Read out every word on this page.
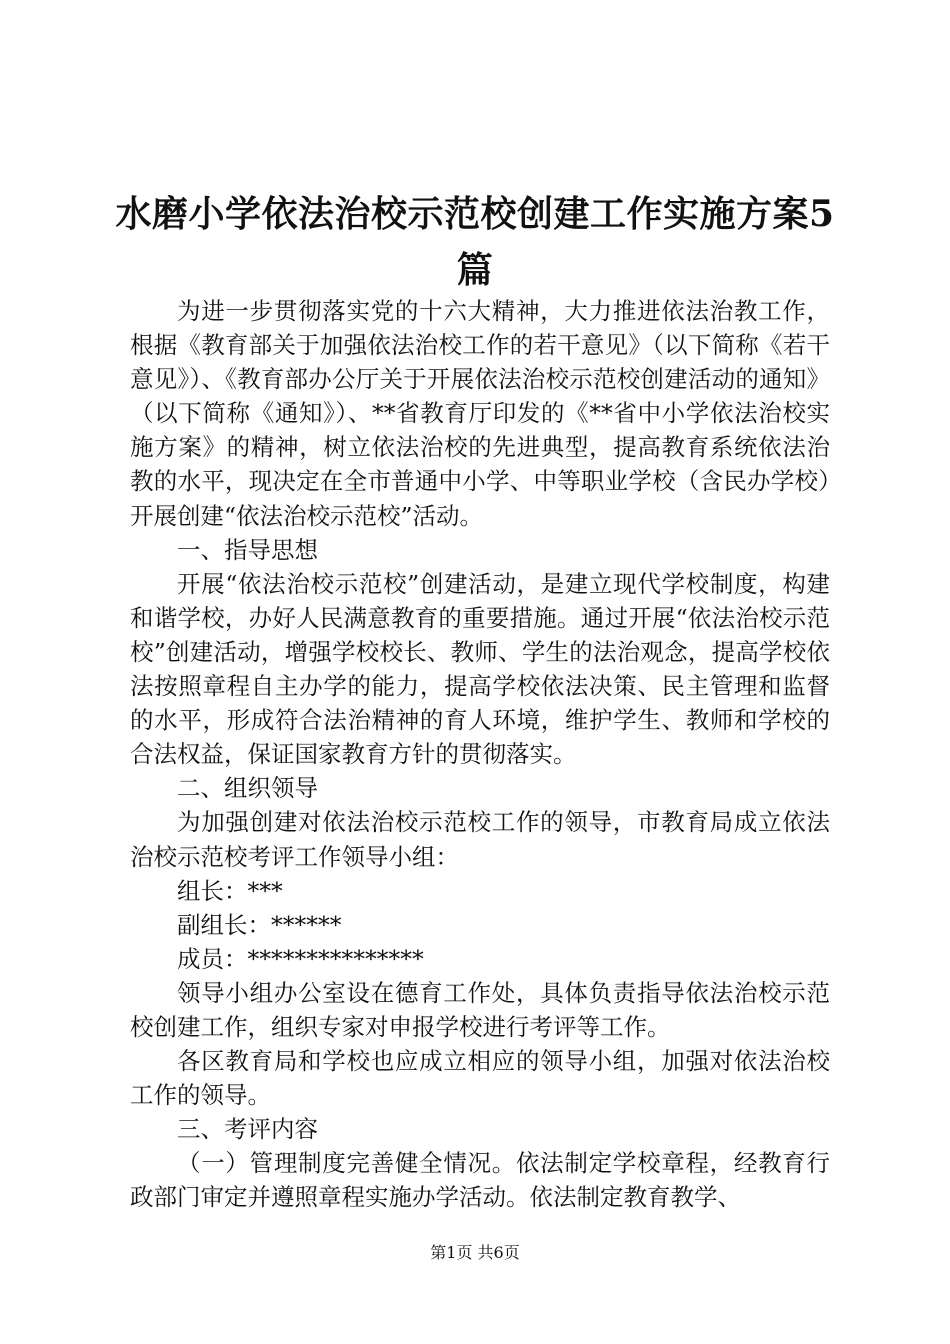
水磨小学依法治校示范校创建工作实施方案5篇

为进一步贯彻落实党的十六大精神，大力推进依法治教工作，根据《教育部关于加强依法治校工作的若干意见》（以下简称《若干意见》）、《教育部办公厅关于开展依法治校示范校创建活动的通知》（以下简称《通知》）、**省教育厅印发的《**省中小学依法治校实施方案》的精神，树立依法治校的先进典型，提高教育系统依法治教的水平，现决定在全市普通中小学、中等职业学校（含民办学校）开展创建“依法治校示范校”活动。

一、指导思想

开展“依法治校示范校”创建活动，是建立现代学校制度，构建和谐学校，办好人民满意教育的重要措施。通过开展“依法治校示范校”创建活动，增强学校校长、教师、学生的法治观念，提高学校依法按照章程自主办学的能力，提高学校依法决策、民主管理和监督的水平，形成符合法治精神的育人环境，维护学生、教师和学校的合法权益，保证国家教育方针的贯彻落实。

二、组织领导

为加强创建对依法治校示范校工作的领导，市教育局成立依法治校示范校考评工作领导小组：

组长：***

副组长：******

成员：***************

领导小组办公室设在德育工作处，具体负责指导依法治校示范校创建工作，组织专家对申报学校进行考评等工作。

各区教育局和学校也应成立相应的领导小组，加强对依法治校工作的领导。

三、考评内容

（一）管理制度完善健全情况。依法制定学校章程，经教育行政部门审定并遵照章程实施办学活动。依法制定教育教学、

第1页 共6页
